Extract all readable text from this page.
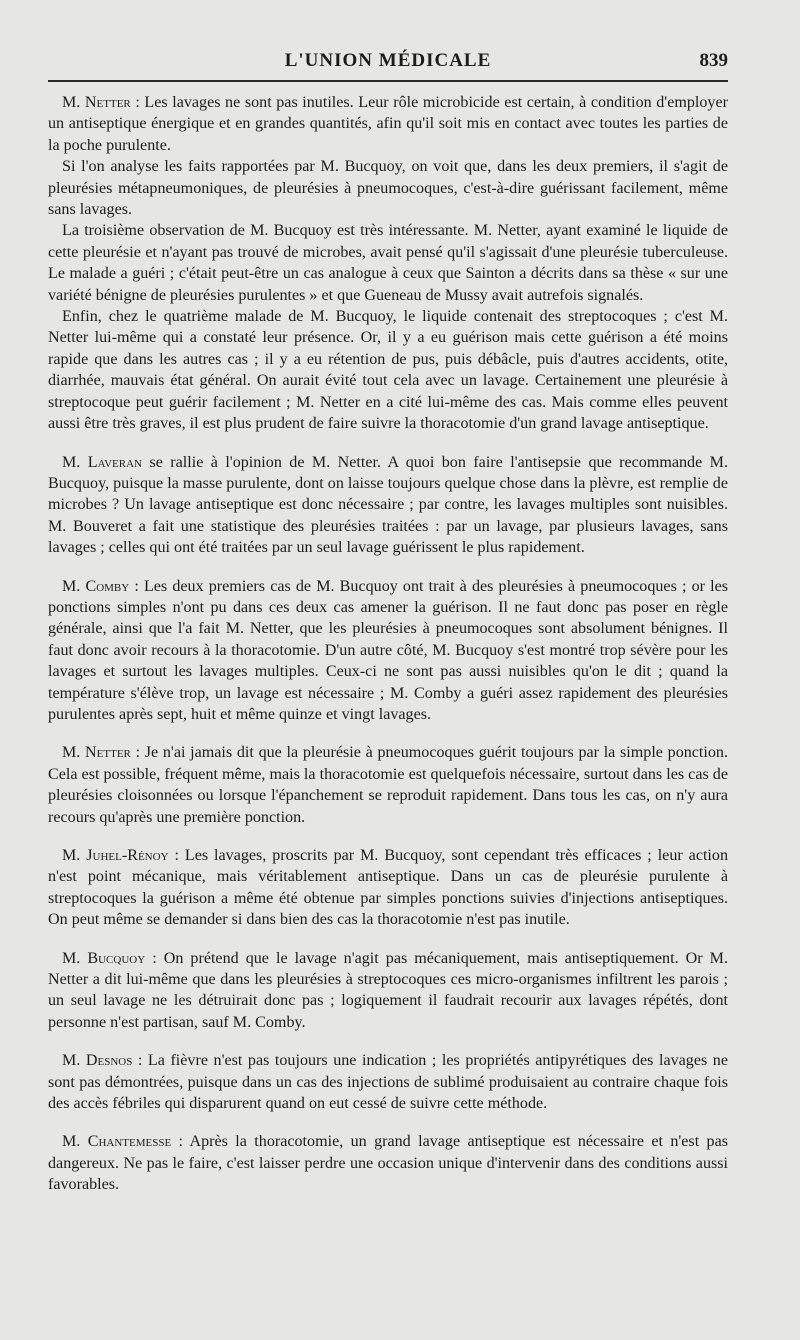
L'UNION MÉDICALE	839

M. Netter : Les lavages ne sont pas inutiles. Leur rôle microbicide est certain, à condition d'employer un antiseptique énergique et en grandes quantités, afin qu'il soit mis en contact avec toutes les parties de la poche purulente.

Si l'on analyse les faits rapportées par M. Bucquoy, on voit que, dans les deux premiers, il s'agit de pleurésies métapneumoniques, de pleurésies à pneumocoques, c'est-à-dire guérissant facilement, même sans lavages.

La troisième observation de M. Bucquoy est très intéressante. M. Netter, ayant examiné le liquide de cette pleurésie et n'ayant pas trouvé de microbes, avait pensé qu'il s'agissait d'une pleurésie tuberculeuse. Le malade a guéri ; c'était peut-être un cas analogue à ceux que Sainton a décrits dans sa thèse « sur une variété bénigne de pleurésies purulentes » et que Gueneau de Mussy avait autrefois signalés.

Enfin, chez le quatrième malade de M. Bucquoy, le liquide contenait des streptocoques ; c'est M. Netter lui-même qui a constaté leur présence. Or, il y a eu guérison mais cette guérison a été moins rapide que dans les autres cas ; il y a eu rétention de pus, puis débâcle, puis d'autres accidents, otite, diarrhée, mauvais état général. On aurait évité tout cela avec un lavage. Certainement une pleurésie à streptocoque peut guérir facilement ; M. Netter en a cité lui-même des cas. Mais comme elles peuvent aussi être très graves, il est plus prudent de faire suivre la thoracotomie d'un grand lavage antiseptique.

M. Laveran se rallie à l'opinion de M. Netter. A quoi bon faire l'antisepsie que recommande M. Bucquoy, puisque la masse purulente, dont on laisse toujours quelque chose dans la plèvre, est remplie de microbes ? Un lavage antiseptique est donc nécessaire ; par contre, les lavages multiples sont nuisibles. M. Bouveret a fait une statistique des pleurésies traitées : par un lavage, par plusieurs lavages, sans lavages ; celles qui ont été traitées par un seul lavage guérissent le plus rapidement.

M. Comby : Les deux premiers cas de M. Bucquoy ont trait à des pleurésies à pneumocoques ; or les ponctions simples n'ont pu dans ces deux cas amener la guérison. Il ne faut donc pas poser en règle générale, ainsi que l'a fait M. Netter, que les pleurésies à pneumocoques sont absolument bénignes. Il faut donc avoir recours à la thoracotomie. D'un autre côté, M. Bucquoy s'est montré trop sévère pour les lavages et surtout les lavages multiples. Ceux-ci ne sont pas aussi nuisibles qu'on le dit ; quand la température s'élève trop, un lavage est nécessaire ; M. Comby a guéri assez rapidement des pleurésies purulentes après sept, huit et même quinze et vingt lavages.

M. Netter : Je n'ai jamais dit que la pleurésie à pneumocoques guérit toujours par la simple ponction. Cela est possible, fréquent même, mais la thoracotomie est quelquefois nécessaire, surtout dans les cas de pleurésies cloisonnées ou lorsque l'épanchement se reproduit rapidement. Dans tous les cas, on n'y aura recours qu'après une première ponction.

M. Juhel-Rénoy : Les lavages, proscrits par M. Bucquoy, sont cependant très efficaces ; leur action n'est point mécanique, mais véritablement antiseptique. Dans un cas de pleurésie purulente à streptocoques la guérison a même été obtenue par simples ponctions suivies d'injections antiseptiques. On peut même se demander si dans bien des cas la thoracotomie n'est pas inutile.

M. Bucquoy : On prétend que le lavage n'agit pas mécaniquement, mais antiseptiquement. Or M. Netter a dit lui-même que dans les pleurésies à streptocoques ces micro-organismes infiltrent les parois ; un seul lavage ne les détruirait donc pas ; logiquement il faudrait recourir aux lavages répétés, dont personne n'est partisan, sauf M. Comby.

M. Desnos : La fièvre n'est pas toujours une indication ; les propriétés antipyrétiques des lavages ne sont pas démontrées, puisque dans un cas des injections de sublimé produisaient au contraire chaque fois des accès fébriles qui disparurent quand on eut cessé de suivre cette méthode.

M. Chantemesse : Après la thoracotomie, un grand lavage antiseptique est nécessaire et n'est pas dangereux. Ne pas le faire, c'est laisser perdre une occasion unique d'intervenir dans des conditions aussi favorables.
